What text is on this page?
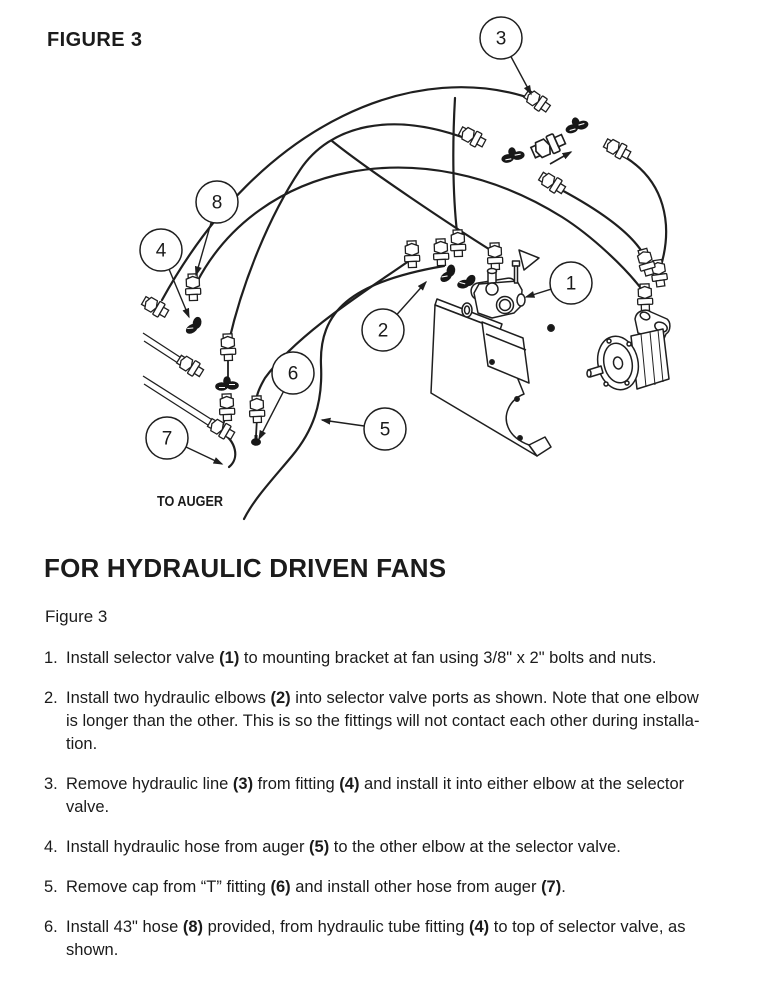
FIGURE 3
1
2
3
4
5
6
7
8
TO AUGER
FOR HYDRAULIC DRIVEN FANS
Figure 3
1. Install selector valve (1) to mounting bracket at fan using 3/8" x 2" bolts and nuts.
2. Install two hydraulic elbows (2) into selector valve ports as shown. Note that one elbow
is longer than the other. This is so the fittings will not contact each other during installa-
tion.
3. Remove hydraulic line (3) from fitting (4) and install it into either elbow at the selector
valve.
4. Install hydraulic hose from auger (5) to the other elbow at the selector valve.
5. Remove cap from “T” fitting (6) and install other hose from auger (7).
6. Install 43" hose (8) provided, from hydraulic tube fitting (4) to top of selector valve, as
shown.
